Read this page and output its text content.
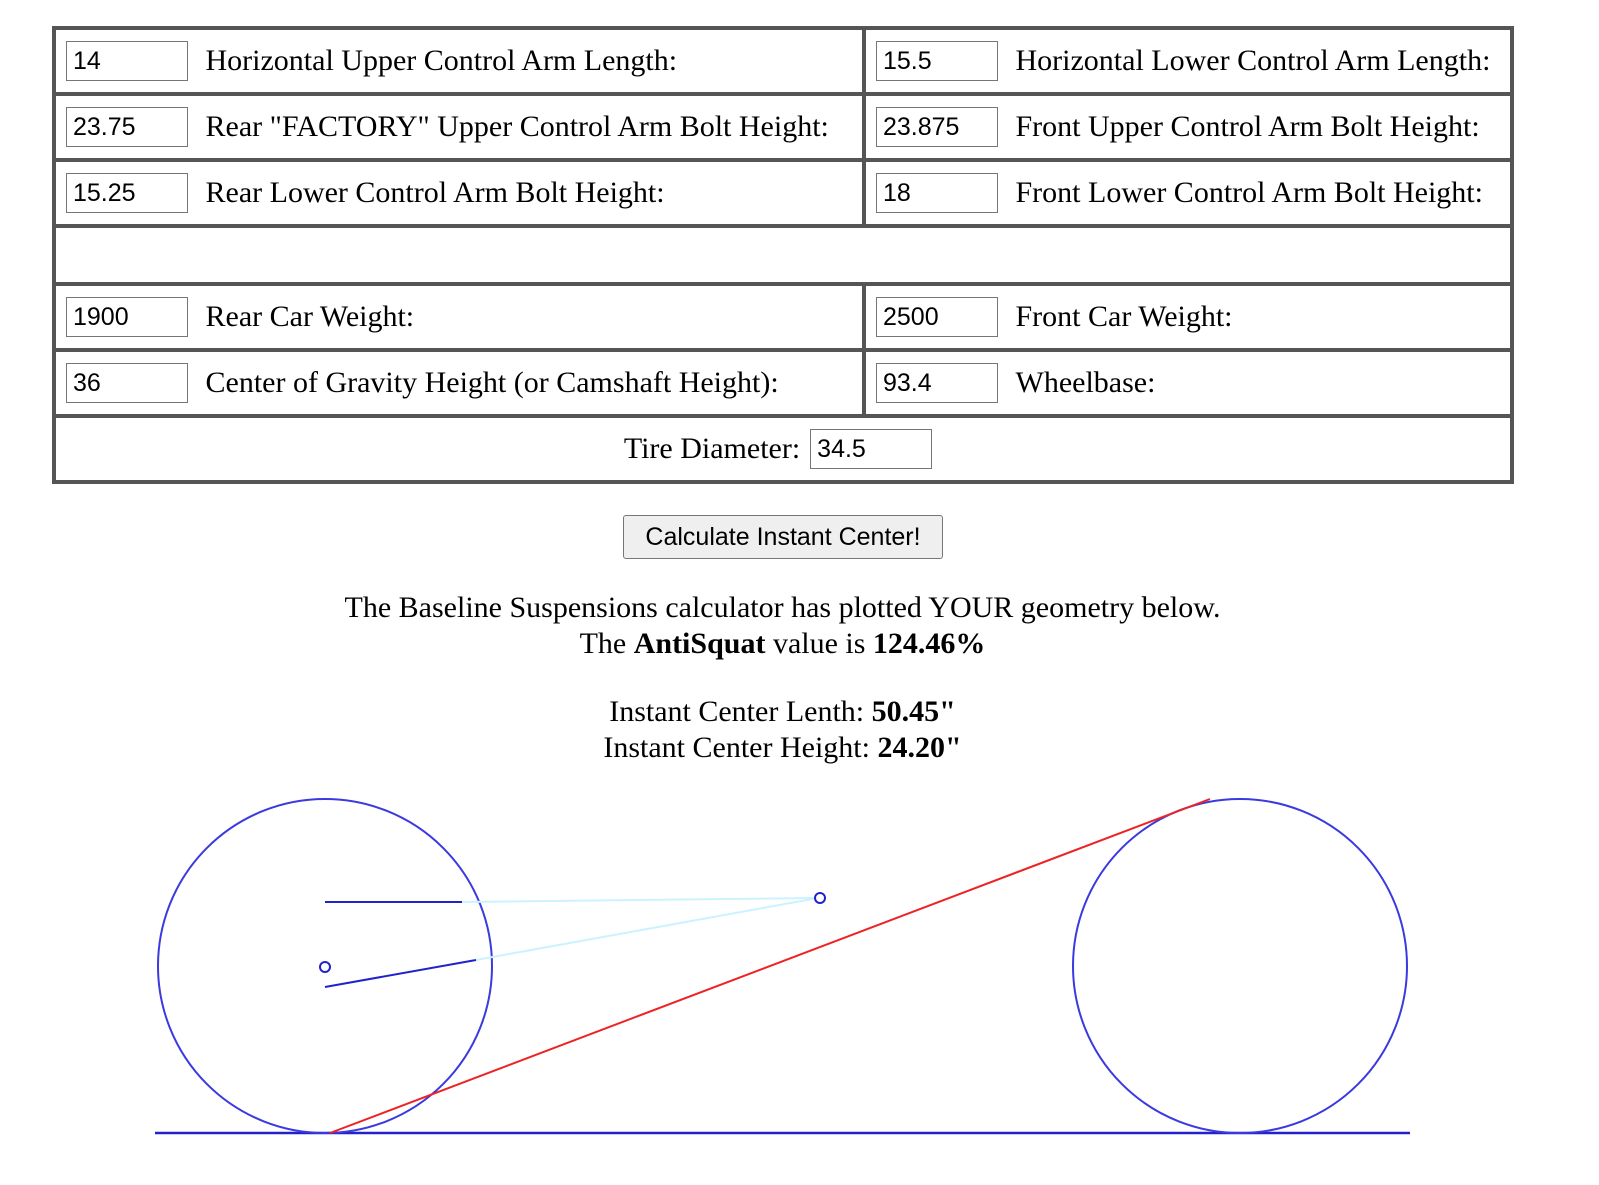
14 Horizontal Upper Control Arm Length:	15.5Horizontal Lower Control Arm Length:
23.75 Rear "FACTORY" Upper Control Arm Bolt Height:	23.875Front Upper Control Arm Bolt Height:
15.25 Rear Lower Control Arm Bolt Height:	18Front Lower Control Arm Bolt Height:

1900 Rear Car Weight:	2500Front Car Weight:
36 Center of Gravity Height (or Camshaft Height):	93.4Wheelbase:
Tire Diameter:34.5
Calculate Instant Center!
The Baseline Suspensions calculator has plotted YOUR geometry below.
The AntiSquat value is 124.46%
Instant Center Lenth: 50.45"
Instant Center Height: 24.20"
